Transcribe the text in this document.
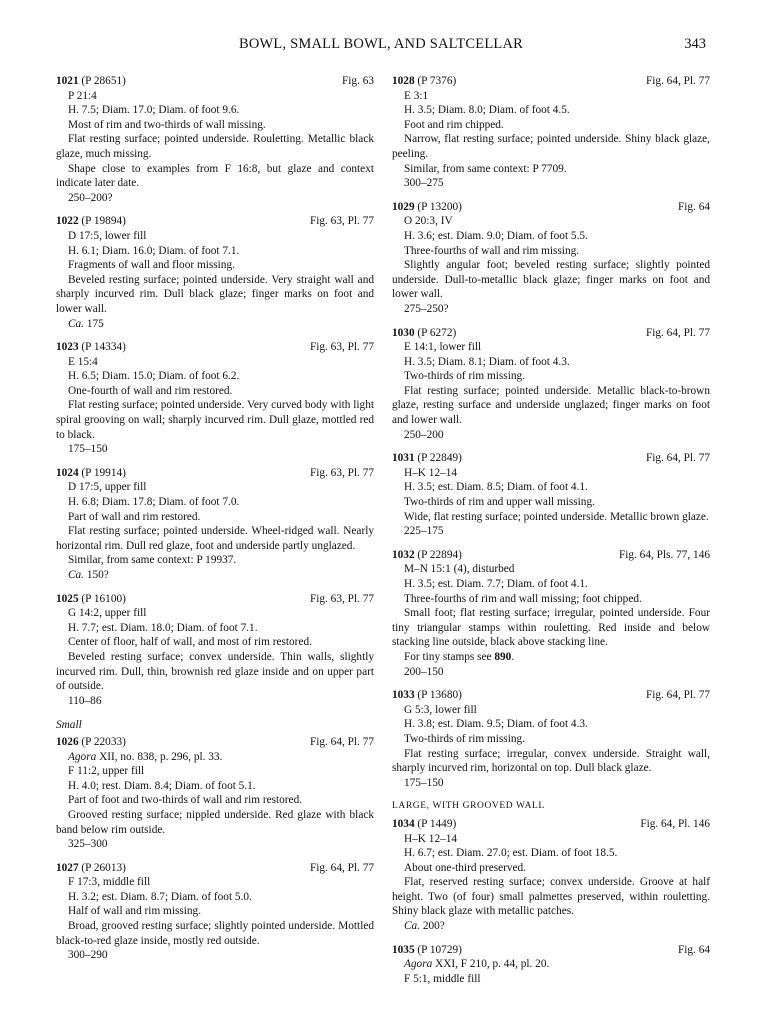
BOWL, SMALL BOWL, AND SALTCELLAR	343
1021 (P 28651)	Fig. 63
P 21:4
H. 7.5; Diam. 17.0; Diam. of foot 9.6.
Most of rim and two-thirds of wall missing.
Flat resting surface; pointed underside. Rouletting. Metallic black glaze, much missing.
Shape close to examples from F 16:8, but glaze and context indicate later date.
250–200?
1022 (P 19894)	Fig. 63, Pl. 77
D 17:5, lower fill
H. 6.1; Diam. 16.0; Diam. of foot 7.1.
Fragments of wall and floor missing.
Beveled resting surface; pointed underside. Very straight wall and sharply incurved rim. Dull black glaze; finger marks on foot and lower wall.
Ca. 175
1023 (P 14334)	Fig. 63, Pl. 77
E 15:4
H. 6.5; Diam. 15.0; Diam. of foot 6.2.
One-fourth of wall and rim restored.
Flat resting surface; pointed underside. Very curved body with light spiral grooving on wall; sharply incurved rim. Dull glaze, mottled red to black.
175–150
1024 (P 19914)	Fig. 63, Pl. 77
D 17:5, upper fill
H. 6.8; Diam. 17.8; Diam. of foot 7.0.
Part of wall and rim restored.
Flat resting surface; pointed underside. Wheel-ridged wall. Nearly horizontal rim. Dull red glaze, foot and underside partly unglazed.
Similar, from same context: P 19937.
Ca. 150?
1025 (P 16100)	Fig. 63, Pl. 77
G 14:2, upper fill
H. 7.7; est. Diam. 18.0; Diam. of foot 7.1.
Center of floor, half of wall, and most of rim restored.
Beveled resting surface; convex underside. Thin walls, slightly incurved rim. Dull, thin, brownish red glaze inside and on upper part of outside.
110–86
Small
1026 (P 22033)	Fig. 64, Pl. 77
Agora XII, no. 838, p. 296, pl. 33.
F 11:2, upper fill
H. 4.0; rest. Diam. 8.4; Diam. of foot 5.1.
Part of foot and two-thirds of wall and rim restored.
Grooved resting surface; nippled underside. Red glaze with black band below rim outside.
325–300
1027 (P 26013)	Fig. 64, Pl. 77
F 17:3, middle fill
H. 3.2; est. Diam. 8.7; Diam. of foot 5.0.
Half of wall and rim missing.
Broad, grooved resting surface; slightly pointed underside. Mottled black-to-red glaze inside, mostly red outside.
300–290
1028 (P 7376)	Fig. 64, Pl. 77
E 3:1
H. 3.5; Diam. 8.0; Diam. of foot 4.5.
Foot and rim chipped.
Narrow, flat resting surface; pointed underside. Shiny black glaze, peeling.
Similar, from same context: P 7709.
300–275
1029 (P 13200)	Fig. 64
O 20:3, IV
H. 3.6; est. Diam. 9.0; Diam. of foot 5.5.
Three-fourths of wall and rim missing.
Slightly angular foot; beveled resting surface; slightly pointed underside. Dull-to-metallic black glaze; finger marks on foot and lower wall.
275–250?
1030 (P 6272)	Fig. 64, Pl. 77
E 14:1, lower fill
H. 3.5; Diam. 8.1; Diam. of foot 4.3.
Two-thirds of rim missing.
Flat resting surface; pointed underside. Metallic black-to-brown glaze, resting surface and underside unglazed; finger marks on foot and lower wall.
250–200
1031 (P 22849)	Fig. 64, Pl. 77
H–K 12–14
H. 3.5; est. Diam. 8.5; Diam. of foot 4.1.
Two-thirds of rim and upper wall missing.
Wide, flat resting surface; pointed underside. Metallic brown glaze.
225–175
1032 (P 22894)	Fig. 64, Pls. 77, 146
M–N 15:1 (4), disturbed
H. 3.5; est. Diam. 7.7; Diam. of foot 4.1.
Three-fourths of rim and wall missing; foot chipped.
Small foot; flat resting surface; irregular, pointed underside. Four tiny triangular stamps within rouletting. Red inside and below stacking line outside, black above stacking line.
For tiny stamps see 890.
200–150
1033 (P 13680)	Fig. 64, Pl. 77
G 5:3, lower fill
H. 3.8; est. Diam. 9.5; Diam. of foot 4.3.
Two-thirds of rim missing.
Flat resting surface; irregular, convex underside. Straight wall, sharply incurved rim, horizontal on top. Dull black glaze.
175–150
LARGE, WITH GROOVED WALL
1034 (P 1449)	Fig. 64, Pl. 146
H–K 12–14
H. 6.7; est. Diam. 27.0; est. Diam. of foot 18.5.
About one-third preserved.
Flat, reserved resting surface; convex underside. Groove at half height. Two (of four) small palmettes preserved, within rouletting. Shiny black glaze with metallic patches.
Ca. 200?
1035 (P 10729)	Fig. 64
Agora XXI, F 210, p. 44, pl. 20.
F 5:1, middle fill
